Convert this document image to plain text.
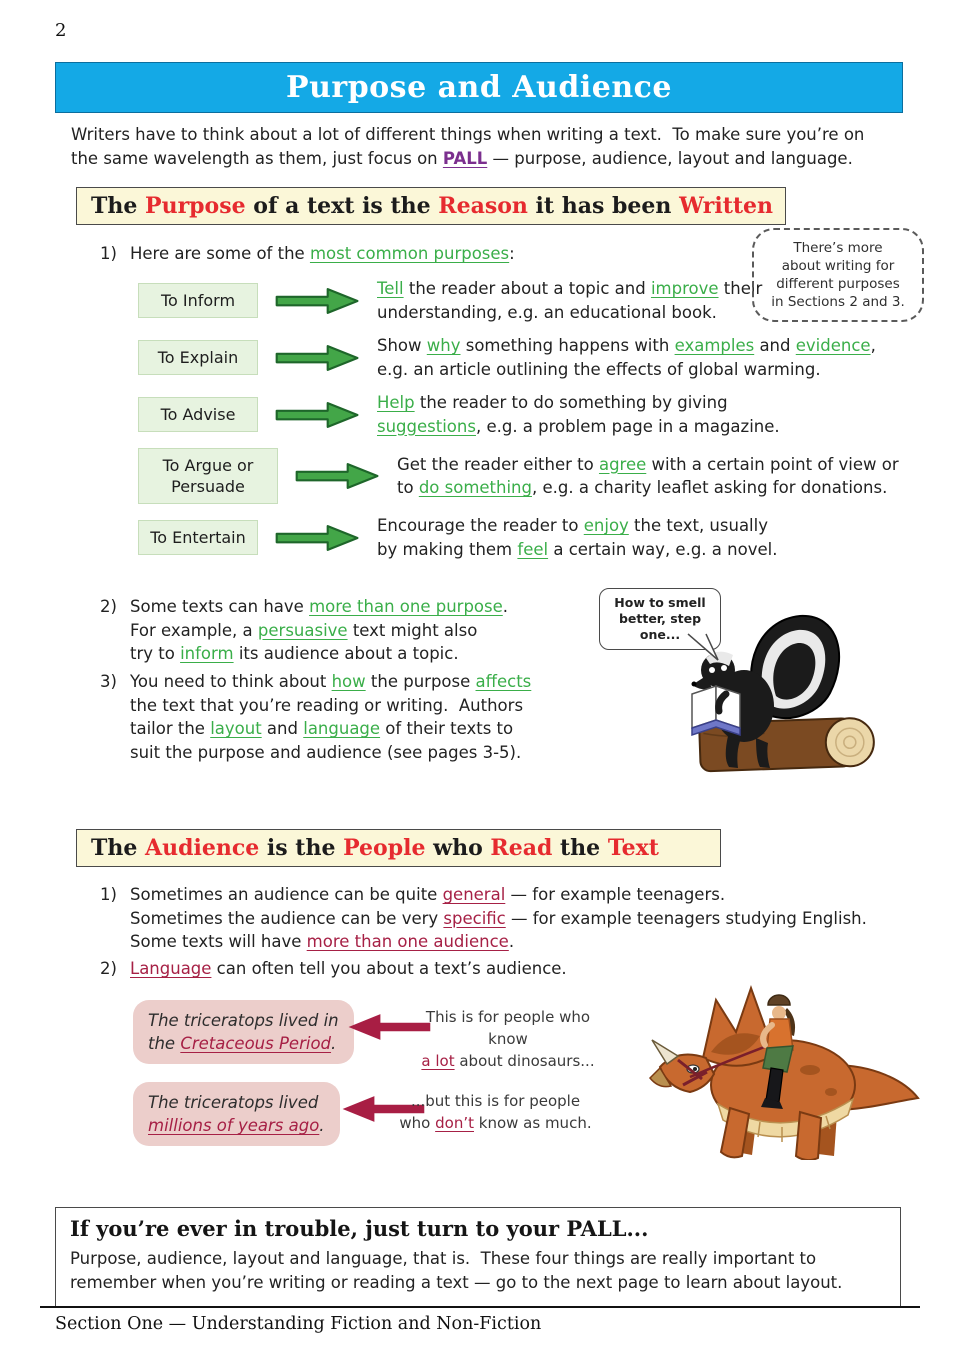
2
Purpose and Audience
Writers have to think about a lot of different things when writing a text.  To make sure you’re on
the same wavelength as them, just focus on PALL — purpose, audience, layout and language.
The Purpose of a text is the Reason it has been Written
1) Here are some of the most common purposes:
To Inform
Tell the reader about a topic and improve their
understanding, e.g. an educational book.
To Explain
Show why something happens with examples and evidence,
e.g. an article outlining the effects of global warming.
To Advise
Help the reader to do something by giving
suggestions, e.g. a problem page in a magazine.
To Argue or Persuade
Get the reader either to agree with a certain point of view or
to do something, e.g. a charity leaflet asking for donations.
To Entertain
Encourage the reader to enjoy the text, usually
by making them feel a certain way, e.g. a novel.
There’s more
about writing for
different purposes
in Sections 2 and 3.
2) Some texts can have more than one purpose.
For example, a persuasive text might also
try to inform its audience about a topic.
3) You need to think about how the purpose affects
the text that you’re reading or writing.  Authors
tailor the layout and language of their texts to
suit the purpose and audience (see pages 3-5).
How to smell
better, step one...
The Audience is the People who Read the Text
1) Sometimes an audience can be quite general — for example teenagers.
Sometimes the audience can be very specific — for example teenagers studying English.
Some texts will have more than one audience.
2) Language can often tell you about a text’s audience.
The triceratops lived in
the Cretaceous Period.
This is for people who know
a lot about dinosaurs...
The triceratops lived
millions of years ago.
...but this is for people
who don’t know as much.
If you’re ever in trouble, just turn to your PALL...
Purpose, audience, layout and language, that is.  These four things are really important to
remember when you’re writing or reading a text — go to the next page to learn about layout.
Section One — Understanding Fiction and Non-Fiction
